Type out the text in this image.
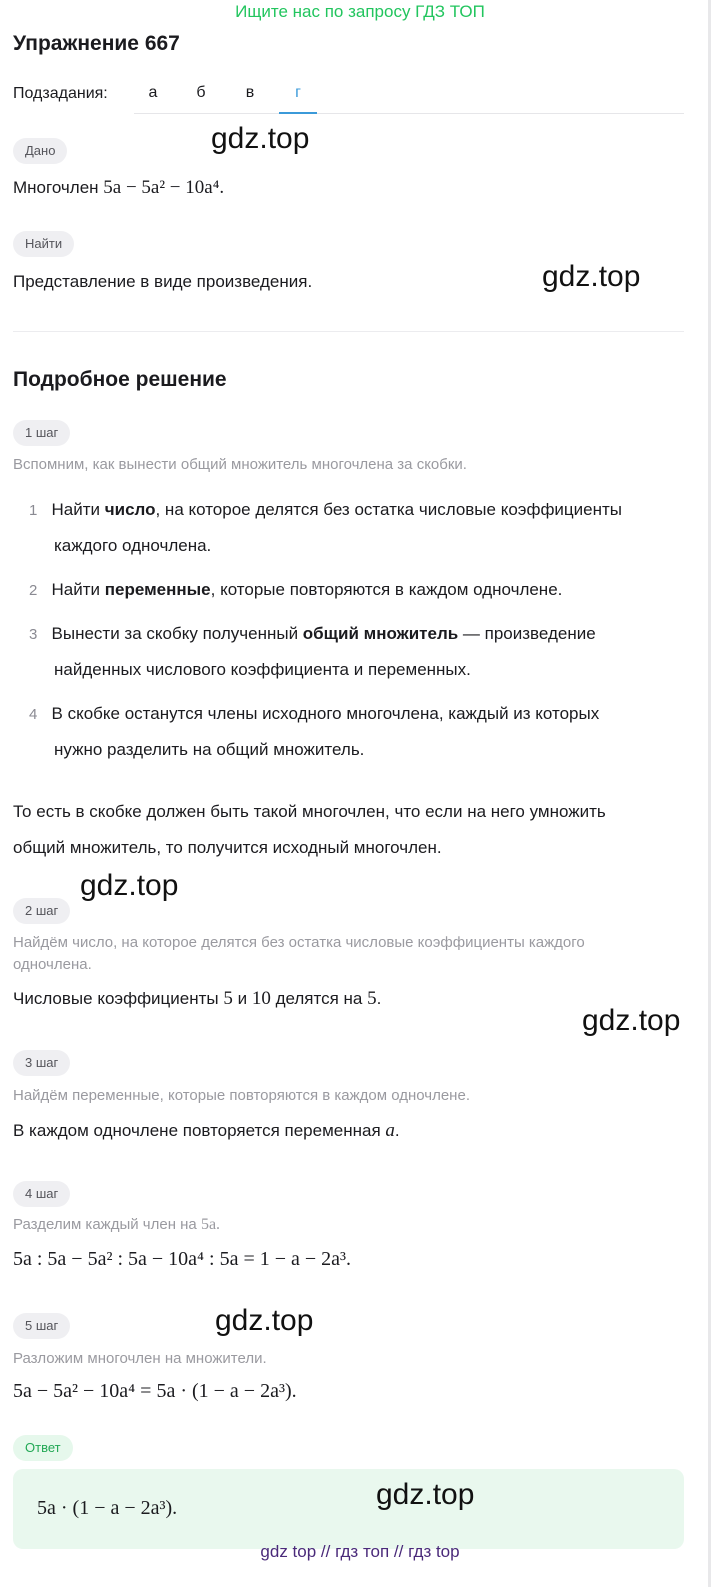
Ищите нас по запросу ГДЗ ТОП
Упражнение 667
Подзадания:	а	б	в	г
Дано	gdz.top
Многочлен 5a − 5a² − 10a⁴.
Найти
Представление в виде произведения.	gdz.top
Подробное решение
1 шаг
Вспомним, как вынести общий множитель многочлена за скобки.
1 Найти число, на которое делятся без остатка числовые коэффициенты
каждого одночлена.
2 Найти переменные, которые повторяются в каждом одночлене.
3 Вынести за скобку полученный общий множитель — произведение
найденных числового коэффициента и переменных.
4 В скобке останутся члены исходного многочлена, каждый из которых
нужно разделить на общий множитель.
То есть в скобке должен быть такой многочлен, что если на него умножить
общий множитель, то получится исходный многочлен.
gdz.top
2 шаг
Найдём число, на которое делятся без остатка числовые коэффициенты каждого
одночлена.
Числовые коэффициенты 5 и 10 делятся на 5.
gdz.top
3 шаг
Найдём переменные, которые повторяются в каждом одночлене.
В каждом одночлене повторяется переменная a.
4 шаг
Разделим каждый член на 5a.
5a : 5a − 5a² : 5a − 10a⁴ : 5a = 1 − a − 2a³.
5 шаг	gdz.top
Разложим многочлен на множители.
5a − 5a² − 10a⁴ = 5a · (1 − a − 2a³).
Ответ
5a · (1 − a − 2a³).	gdz.top
gdz top // гдз топ // гдз top
